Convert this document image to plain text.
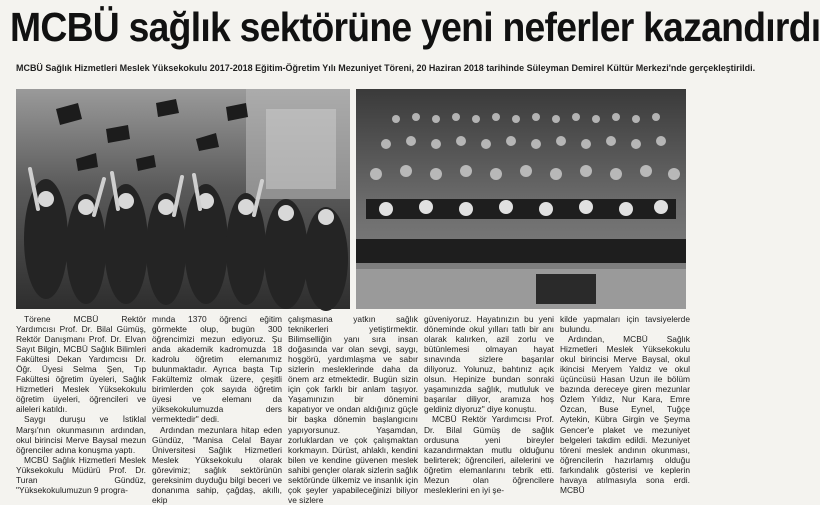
MCBÜ sağlık sektörüne yeni neferler kazandırdı
MCBÜ Sağlık Hizmetleri Meslek Yüksekokulu 2017-2018 Eğitim-Öğretim Yılı Mezuniyet Töreni, 20 Haziran 2018 tarihinde Süleyman Demirel Kültür Merkezi'nde gerçekleştirildi.

Törene MCBÜ Rektör Yardımcısı Prof. Dr. Bilal Gümüş, Rektör Danışmanı Prof. Dr. Elvan Sayıt Bilgin, MCBÜ Sağlık Bilimleri Fakültesi Dekan Yardımcısı Dr. Öğr. Üyesi Selma Şen, Tıp Fakültesi öğretim üyeleri, Sağlık Hizmetleri Meslek Yüksekokulu öğretim üyeleri, öğrencileri ve aileleri katıldı.

Saygı duruşu ve İstiklal Marşı'nın okunmasının ardından, okul birincisi Merve Baysal mezun öğrenciler adına konuşma yaptı.

MCBÜ Sağlık Hizmetleri Meslek Yüksekokulu Müdürü Prof. Dr. Turan Gündüz, "Yüksekokulumuzun 9 progra-

mında 1370 öğrenci eğitim görmekte olup, bugün 300 öğrencimizi mezun ediyoruz. Şu anda akademik kadromuzda 18 kadrolu öğretim elemanımız bulunmaktadır. Ayrıca başta Tıp Fakültemiz olmak üzere, çeşitli birimlerden çok sayıda öğretim üyesi ve elemanı da yüksekokulumuzda ders vermektedir" dedi.

Ardından mezunlara hitap eden Gündüz, "Manisa Celal Bayar Üniversitesi Sağlık Hizmetleri Meslek Yüksekokulu olarak görevimiz; sağlık sektörünün gereksinim duyduğu bilgi beceri ve donanıma sahip, çağdaş, akıllı, ekip

çalışmasına yatkın sağlık teknikerleri yetiştirmektir. Bilimselliğin yanı sıra insan doğasında var olan sevgi, saygı, hoşgörü, yardımlaşma ve sabır sizlerin mesleklerinde daha da önem arz etmektedir. Bugün sizin için çok farklı bir anlam taşıyor. Yaşamınızın bir dönemini kapatıyor ve ondan aldığınız güçle bir başka dönemin başlangıcını yapıyorsunuz. Yaşamdan, zorluklardan ve çok çalışmaktan korkmayın. Dürüst, ahlaklı, kendini bilen ve kendine güvenen meslek sahibi gençler olarak sizlerin sağlık sektöründe ülkemiz ve insanlık için çok şeyler yapabileceğinizi biliyor ve sizlere

güveniyoruz. Hayatınızın bu yeni döneminde okul yılları tatlı bir anı olarak kalırken, azil zorlu ve bütünlemesi olmayan hayat sınavında sizlere başarılar diliyoruz. Yolunuz, bahtınız açık olsun. Hepinize bundan sonraki yaşamınızda sağlık, mutluluk ve başarılar diliyor, aramıza hoş geldiniz diyoruz" diye konuştu.

MCBÜ Rektör Yardımcısı Prof. Dr. Bilal Gümüş de sağlık ordusuna yeni bireyler kazandırmaktan mutlu olduğunu belirterek; öğrencileri, ailelerini ve öğretim elemanlarını tebrik etti. Mezun olan öğrencilere mesleklerini en iyi şe-

kilde yapmaları için tavsiyelerde bulundu.

Ardından, MCBÜ Sağlık Hizmetleri Meslek Yüksekokulu okul birincisi Merve Baysal, okul ikincisi Meryem Yaldız ve okul üçüncüsü Hasan Uzun ile bölüm bazında dereceye giren mezunlar Özlem Yıldız, Nur Kara, Emre Özcan, Buse Eynel, Tuğçe Aytekin, Kübra Girgin ve Şeyma Gencer'e plaket ve mezuniyet belgeleri takdim edildi. Mezuniyet töreni meslek andının okunması, öğrencilerin hazırlamış olduğu farkındalık gösterisi ve keplerin havaya atılmasıyla sona erdi. MCBÜ
